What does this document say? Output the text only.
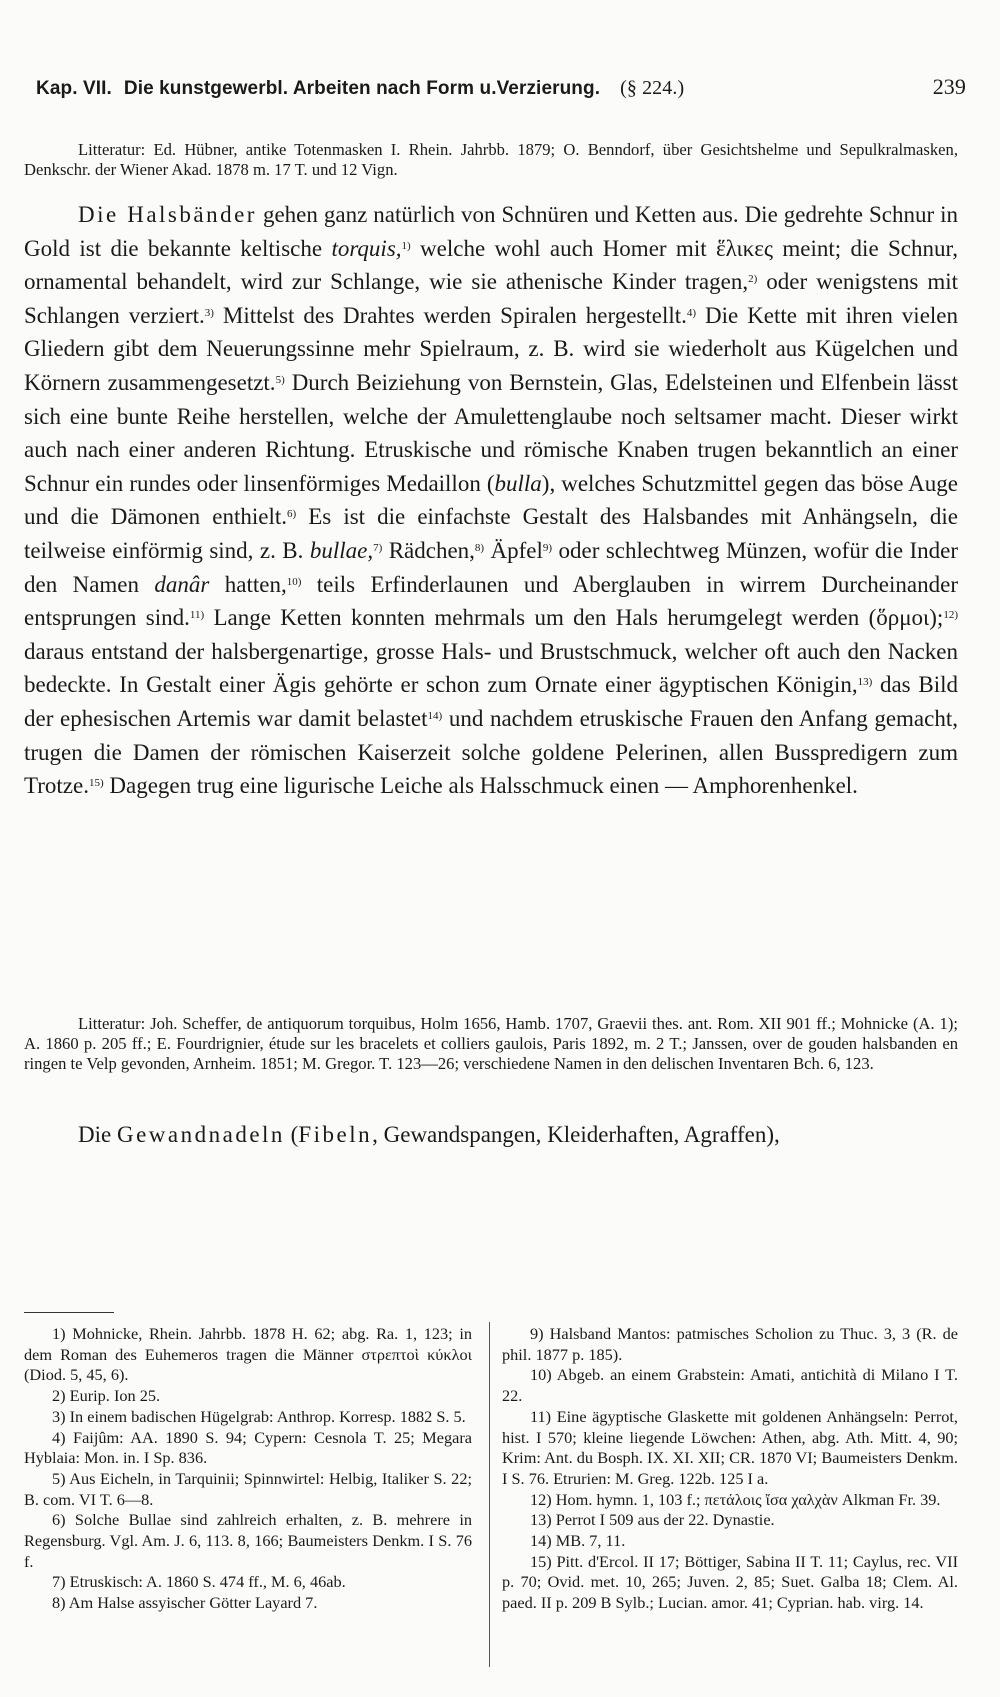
Kap. VII. Die kunstgewerbl. Arbeiten nach Form u.Verzierung. (§ 224.)	239
Litteratur: Ed. Hübner, antike Totenmasken I. Rhein. Jahrbb. 1879; O. Benndorf, über Gesichtshelme und Sepulkralmasken, Denkschr. der Wiener Akad. 1878 m. 17 T. und 12 Vign.
Die Halsbänder gehen ganz natürlich von Schnüren und Ketten aus. Die gedrehte Schnur in Gold ist die bekannte keltische torquis,$^{1)}$ welche wohl auch Homer mit ἕλικες meint; die Schnur, ornamental behandelt, wird zur Schlange, wie sie athenische Kinder tragen,$^{2)}$ oder wenigstens mit Schlangen verziert.$^{3)}$ Mittelst des Drahtes werden Spiralen hergestellt.$^{4)}$ Die Kette mit ihren vielen Gliedern gibt dem Neuerungssinne mehr Spielraum, z. B. wird sie wiederholt aus Kügelchen und Körnern zusammengesetzt.$^{5)}$ Durch Beiziehung von Bernstein, Glas, Edelsteinen und Elfenbein lässt sich eine bunte Reihe herstellen, welche der Amulettenglaube noch seltsamer macht. Dieser wirkt auch nach einer anderen Richtung. Etruskische und römische Knaben trugen bekanntlich an einer Schnur ein rundes oder linsenförmiges Medaillon (bulla), welches Schutzmittel gegen das böse Auge und die Dämonen enthielt.$^{6)}$ Es ist die einfachste Gestalt des Halsbandes mit Anhängseln, die teilweise einförmig sind, z. B. bullae,$^{7)}$ Rädchen,$^{8)}$ Äpfel$^{9)}$ oder schlechtweg Münzen, wofür die Inder den Namen danâr hatten,$^{10)}$ teils Erfinderlaunen und Aberglauben in wirrem Durcheinander entsprungen sind.$^{11)}$ Lange Ketten konnten mehrmals um den Hals herumgelegt werden (ὅρμοι);$^{12)}$ daraus entstand der halsbergenartige, grosse Hals- und Brustschmuck, welcher oft auch den Nacken bedeckte. In Gestalt einer Ägis gehörte er schon zum Ornate einer ägyptischen Königin,$^{13)}$ das Bild der ephesischen Artemis war damit belastet$^{14)}$ und nachdem etruskische Frauen den Anfang gemacht, trugen die Damen der römischen Kaiserzeit solche goldene Pelerinen, allen Busspredigern zum Trotze.$^{15)}$ Dagegen trug eine ligurische Leiche als Halsschmuck einen — Amphorenhenkel.
Litteratur: Joh. Scheffer, de antiquorum torquibus, Holm 1656, Hamb. 1707, Graevii thes. ant. Rom. XII 901 ff.; Mohnicke (A. 1); A. 1860 p. 205 ff.; E. Fourdrignier, étude sur les bracelets et colliers gaulois, Paris 1892, m. 2 T.; Janssen, over de gouden halsbanden en ringen te Velp gevonden, Arnheim. 1851; M. Gregor. T. 123—26; verschiedene Namen in den delischen Inventaren Bch. 6, 123.
Die Gewandnadeln (Fibeln, Gewandspangen, Kleiderhaften, Agraffen),

1) Mohnicke, Rhein. Jahrbb. 1878 H. 62; abg. Ra. 1, 123; in dem Roman des Euhemeros tragen die Männer στρεπτοὶ κύκλοι (Diod. 5, 45, 6).

2) Eurip. Ion 25.

3) In einem badischen Hügelgrab: Anthrop. Korresp. 1882 S. 5.

4) Faijûm: AA. 1890 S. 94; Cypern: Cesnola T. 25; Megara Hyblaia: Mon. in. I Sp. 836.

5) Aus Eicheln, in Tarquinii; Spinnwirtel: Helbig, Italiker S. 22; B. com. VI T. 6—8.

6) Solche Bullae sind zahlreich erhalten, z. B. mehrere in Regensburg. Vgl. Am. J. 6, 113. 8, 166; Baumeisters Denkm. I S. 76 f.

7) Etruskisch: A. 1860 S. 474 ff., M. 6, 46ab.

8) Am Halse assyischer Götter Layard 7.

9) Halsband Mantos: patmisches Scholion zu Thuc. 3, 3 (R. de phil. 1877 p. 185).

10) Abgeb. an einem Grabstein: Amati, antichità di Milano I T. 22.

11) Eine ägyptische Glaskette mit goldenen Anhängseln: Perrot, hist. I 570; kleine liegende Löwchen: Athen, abg. Ath. Mitt. 4, 90; Krim: Ant. du Bosph. IX. XI. XII; CR. 1870 VI; Baumeisters Denkm. I S. 76. Etrurien: M. Greg. 122b. 125 I a.

12) Hom. hymn. 1, 103 f.; πετάλοις ἴσα χαλχὰν Alkman Fr. 39.

13) Perrot I 509 aus der 22. Dynastie.

14) MB. 7, 11.

15) Pitt. d'Ercol. II 17; Böttiger, Sabina II T. 11; Caylus, rec. VII p. 70; Ovid. met. 10, 265; Juven. 2, 85; Suet. Galba 18; Clem. Al. paed. II p. 209 B Sylb.; Lucian. amor. 41; Cyprian. hab. virg. 14.
